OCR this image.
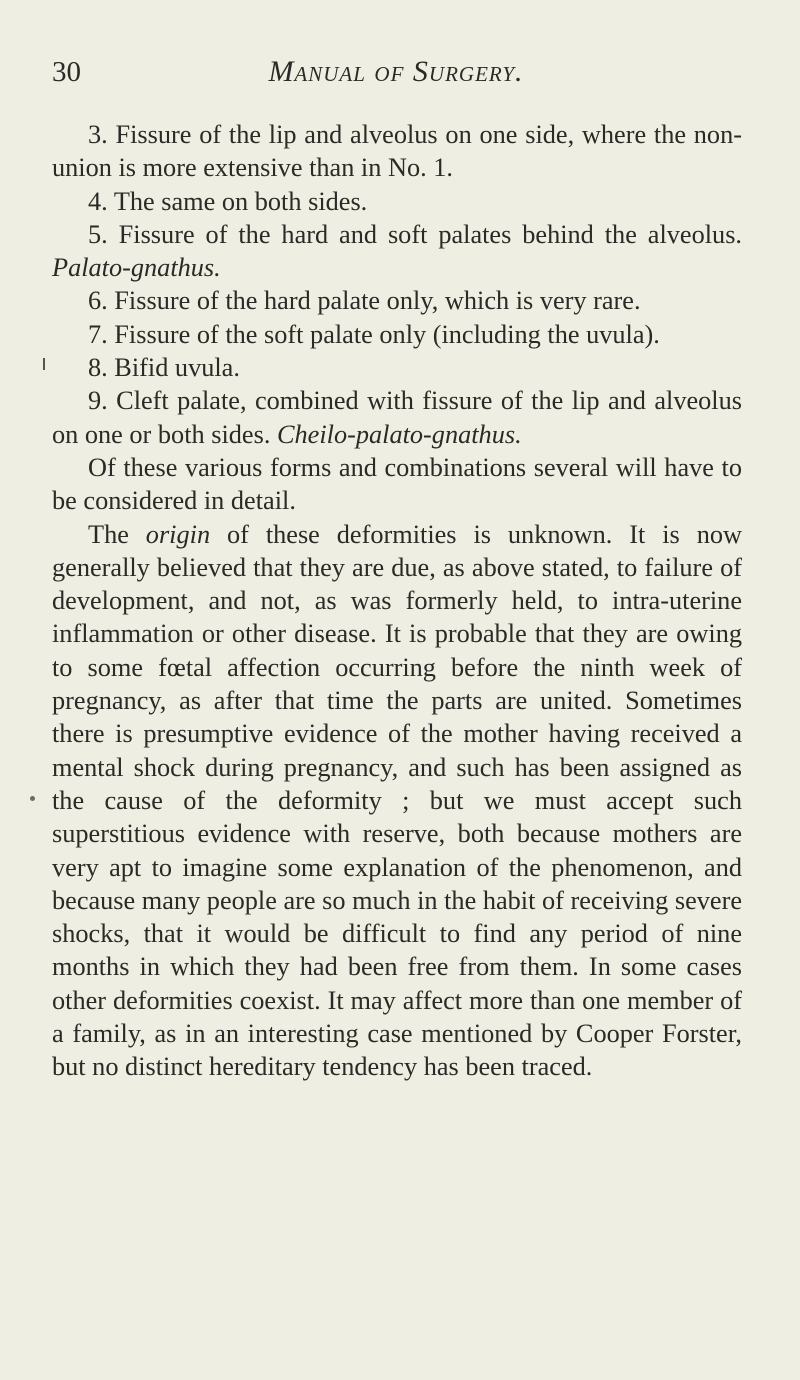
30	Manual of Surgery.

3. Fissure of the lip and alveolus on one side, where the non-union is more extensive than in No. 1.

4. The same on both sides.

5. Fissure of the hard and soft palates behind the alveolus. Palato-gnathus.

6. Fissure of the hard palate only, which is very rare.

7. Fissure of the soft palate only (including the uvula).

8. Bifid uvula.

9. Cleft palate, combined with fissure of the lip and alveolus on one or both sides. Cheilo-palato-gnathus.

Of these various forms and combinations several will have to be considered in detail.

The origin of these deformities is unknown. It is now generally believed that they are due, as above stated, to failure of development, and not, as was formerly held, to intra-uterine inflammation or other disease. It is probable that they are owing to some fœtal affection occurring before the ninth week of pregnancy, as after that time the parts are united. Sometimes there is presumptive evidence of the mother having received a mental shock during pregnancy, and such has been assigned as the cause of the deformity ; but we must accept such superstitious evidence with reserve, both because mothers are very apt to imagine some explanation of the phenomenon, and because many people are so much in the habit of receiving severe shocks, that it would be difficult to find any period of nine months in which they had been free from them. In some cases other deformities coexist. It may affect more than one member of a family, as in an interesting case mentioned by Cooper Forster, but no distinct hereditary tendency has been traced.
